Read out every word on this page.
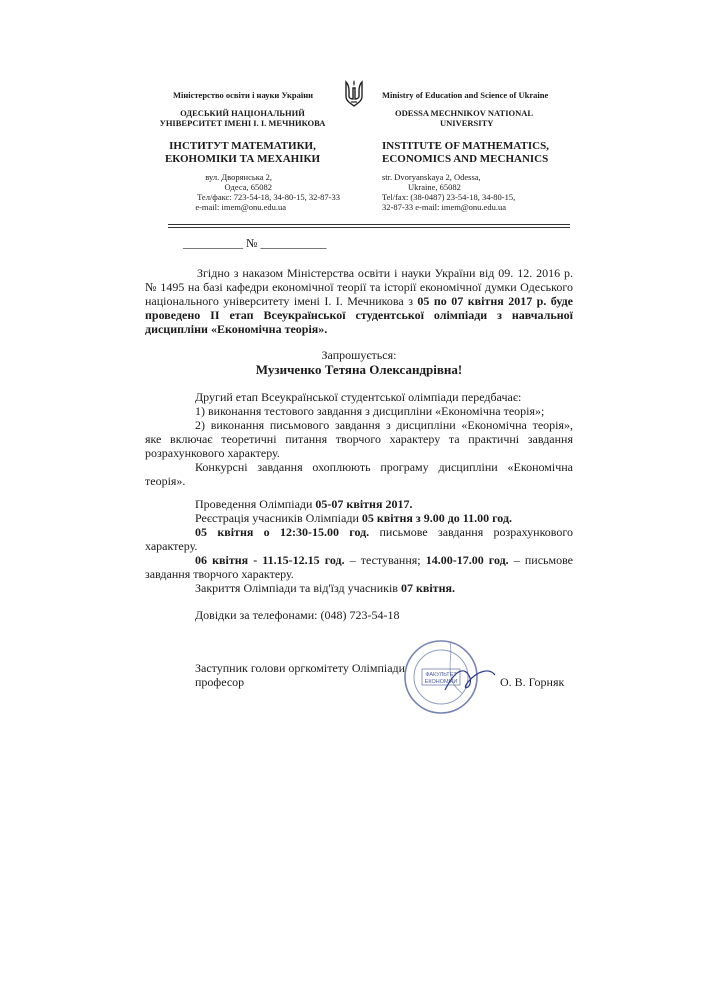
Міністерство освіти і науки України
ОДЕСЬКИЙ НАЦІОНАЛЬНИЙ
УНІВЕРСИТЕТ ІМЕНІ І. І. МЕЧНИКОВА
ІНСТИТУТ МАТЕМАТИКИ,
ЕКОНОМІКИ ТА МЕХАНІКИ
вул. Дворянська 2,
Одеса, 65082
Тел/факс: 723-54-18, 34-80-15, 32-87-33
e-mail: imem@onu.edu.ua
Ministry of Education and Science of Ukraine
ODESSA MECHNIKOV NATIONAL
UNIVERSITY
INSTITUTE OF MATHEMATICS,
ECONOMICS AND MECHANICS
str. Dvoryanskaya 2, Odessa,
Ukraine, 65082
Tel/fax: (38-0487) 23-54-18, 34-80-15,
32-87-33 e-mail: imem@onu.edu.ua
__________ № ___________
Згідно з наказом Міністерства освіти і науки України від 09. 12. 2016 р. № 1495 на базі кафедри економічної теорії та історії економічної думки Одеського національного університету імені І. І. Мечникова з 05 по 07 квітня 2017 р. буде проведено ІІ етап Всеукраїнської студентської олімпіади з навчальної дисципліни «Економічна теорія».
Запрошується:
Музиченко Тетяна Олександрівна!
Другий етап Всеукраїнської студентської олімпіади передбачає:
1) виконання тестового завдання з дисципліни «Економічна теорія»;
2) виконання письмового завдання з дисципліни «Економічна теорія», яке включає теоретичні питання творчого характеру та практичні завдання розрахункового характеру.
Конкурсні завдання охоплюють програму дисципліни «Економічна теорія».
Проведення Олімпіади 05-07 квітня 2017.
Реєстрація учасників Олімпіади 05 квітня з 9.00 до 11.00 год.
05 квітня о 12:30-15.00 год. письмове завдання розрахункового характеру.
06 квітня - 11.15-12.15 год. – тестування; 14.00-17.00 год. – письмове завдання творчого характеру.
Закриття Олімпіади та від'їзд учасників 07 квітня.
Довідки за телефонами: (048) 723-54-18
Заступник голови оргкомітету Олімпіади
професор	О. В. Горняк
ФАКУЛЬТЕТ
ЕКОНОМІКИ
